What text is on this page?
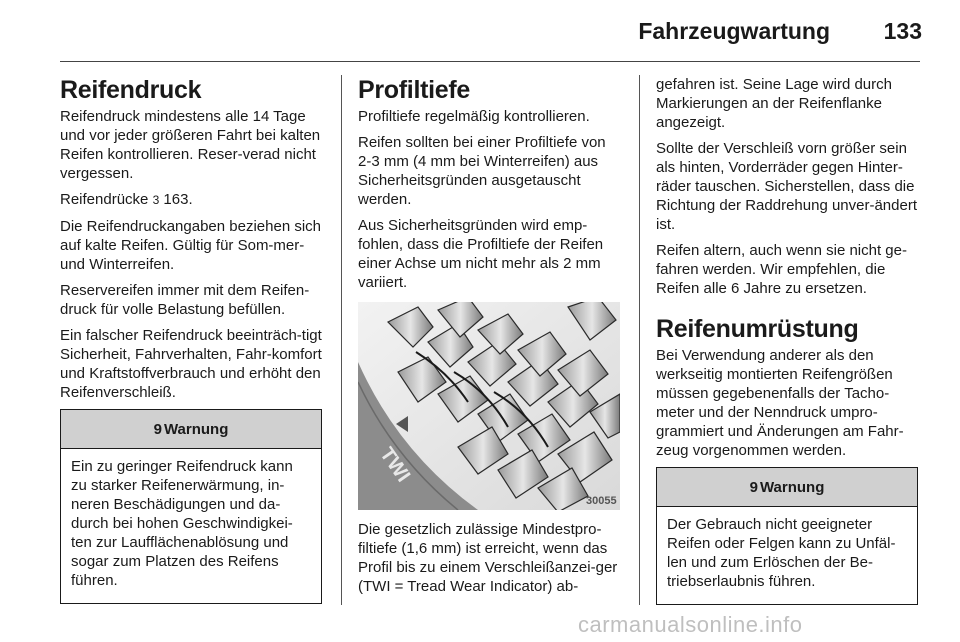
Fahrzeugwartung 133
Reifendruck

Reifendruck mindestens alle 14 Tage und vor jeder größeren Fahrt bei kalten Reifen kontrollieren. Reser-verad nicht vergessen.

Reifendrücke 3 163.

Die Reifendruckangaben beziehen sich auf kalte Reifen. Gültig für Som-mer- und Winterreifen.

Reservereifen immer mit dem Reifen-druck für volle Belastung befüllen.

Ein falscher Reifendruck beeinträch-tigt Sicherheit, Fahrverhalten, Fahr-komfort und Kraftstoffverbrauch und erhöht den Reifenverschleiß.

9 Warnung
Ein zu geringer Reifendruck kann zu starker Reifenerwärmung, in-neren Beschädigungen und da-durch bei hohen Geschwindigkei-ten zur Laufflächenablösung und sogar zum Platzen des Reifens führen.
Profiltiefe

Profiltiefe regelmäßig kontrollieren.

Reifen sollten bei einer Profiltiefe von 2-3 mm (4 mm bei Winterreifen) aus Sicherheitsgründen ausgetauscht werden.

Aus Sicherheitsgründen wird emp-fohlen, dass die Profiltiefe der Reifen einer Achse um nicht mehr als 2 mm variiert.

TWI
30055

Die gesetzlich zulässige Mindestpro-filtiefe (1,6 mm) ist erreicht, wenn das Profil bis zu einem Verschleißanzei-ger (TWI = Tread Wear Indicator) ab-

gefahren ist. Seine Lage wird durch Markierungen an der Reifenflanke angezeigt.

Sollte der Verschleiß vorn größer sein als hinten, Vorderräder gegen Hinter-räder tauschen. Sicherstellen, dass die Richtung der Raddrehung unver-ändert ist.

Reifen altern, auch wenn sie nicht ge-fahren werden. Wir empfehlen, die Reifen alle 6 Jahre zu ersetzen.

Reifenumrüstung

Bei Verwendung anderer als den werkseitig montierten Reifengrößen müssen gegebenenfalls der Tacho-meter und der Nenndruck umpro-grammiert und Änderungen am Fahr-zeug vorgenommen werden.

9 Warnung
Der Gebrauch nicht geeigneter Reifen oder Felgen kann zu Unfäl-len und zum Erlöschen der Be-triebserlaubnis führen.
carmanualsonline.info
